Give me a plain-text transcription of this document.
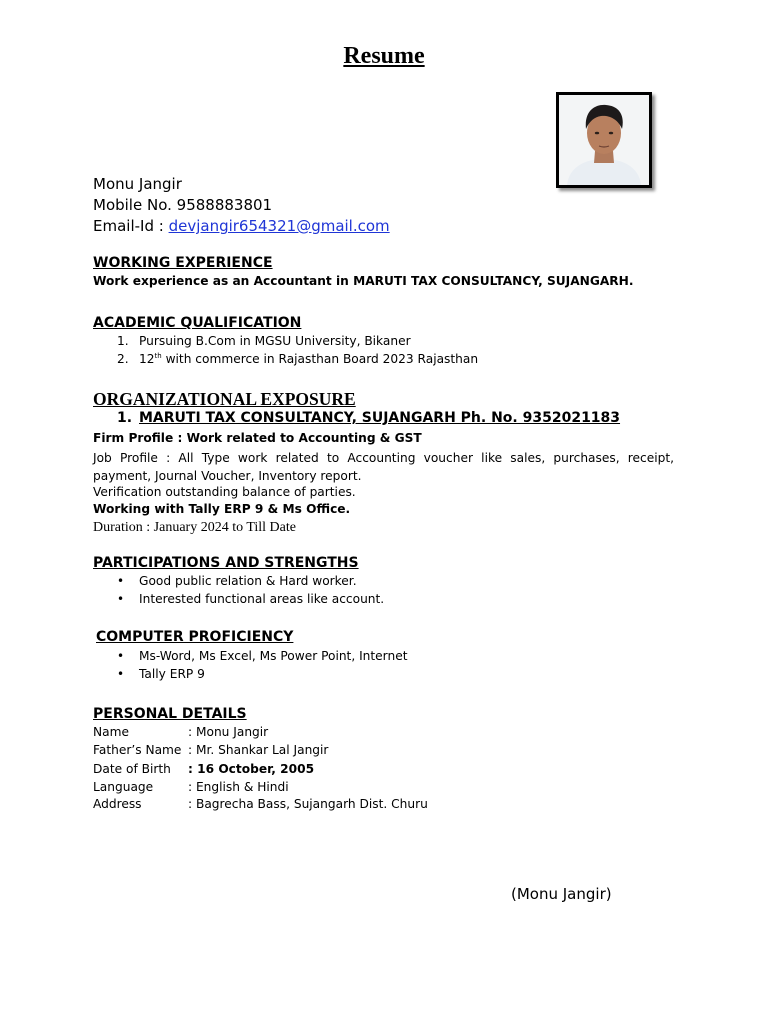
Resume
Monu Jangir
Mobile No. 9588883801
Email-Id : devjangir654321@gmail.com
WORKING EXPERIENCE
Work experience as an Accountant in MARUTI TAX CONSULTANCY, SUJANGARH.
ACADEMIC QUALIFICATION
1. Pursuing B.Com in MGSU University, Bikaner
2. 12th with commerce in Rajasthan Board 2023 Rajasthan
ORGANIZATIONAL EXPOSURE
1. MARUTI TAX CONSULTANCY, SUJANGARH Ph. No. 9352021183
Firm Profile : Work related to Accounting & GST
Job Profile : All Type work related to Accounting voucher like sales, purchases, receipt, payment, Journal Voucher, Inventory report.
Verification outstanding balance of parties.
Working with Tally ERP 9 & Ms Office.
Duration : January 2024 to Till Date
PARTICIPATIONS AND STRENGTHS
• Good public relation & Hard worker.
• Interested functional areas like account.
COMPUTER PROFICIENCY
• Ms-Word, Ms Excel, Ms Power Point, Internet
• Tally ERP 9
PERSONAL DETAILS
Name	: Monu Jangir
Father’s Name : Mr. Shankar Lal Jangir
Date of Birth : 16 October, 2005
Language	: English & Hindi
Address	: Bagrecha Bass, Sujangarh Dist. Churu
(Monu Jangir)
